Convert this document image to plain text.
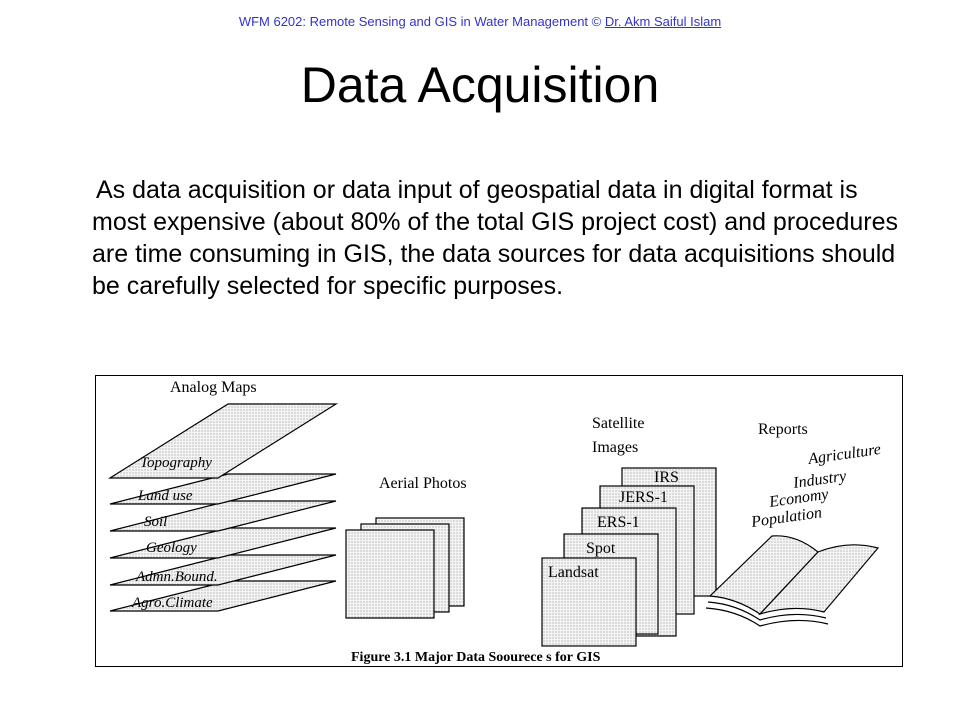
WFM 6202: Remote Sensing and GIS in Water Management © Dr. Akm Saiful Islam
Data Acquisition
As data acquisition or data input of geospatial data in digital format is most expensive (about 80% of the total GIS project cost) and procedures are time consuming in GIS, the data sources for data acquisitions should be carefully selected for specific purposes.
Analog Maps
Topography
Land use
Soil
Geology
Admn.Bound.
Agro.Climate
Aerial Photos
Satellite
Images
IRS
JERS-1
ERS-1
Spot
Landsat
Reports
Agriculture
Industry
Economy
Population
Figure 3.1 Major Data Soourece s for GIS
